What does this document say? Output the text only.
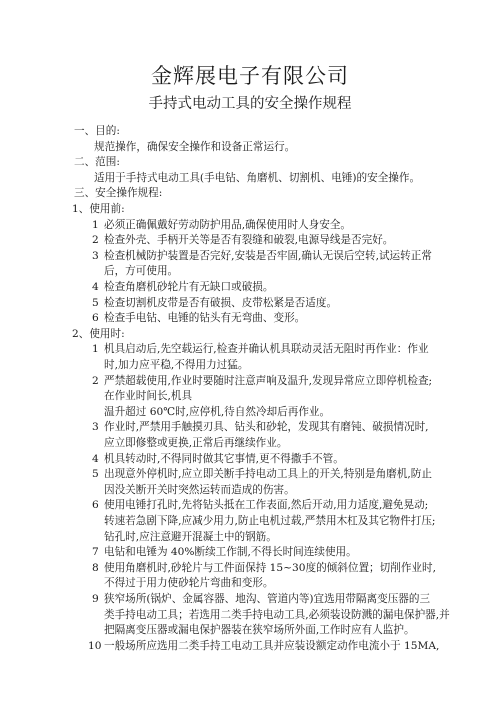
金辉展电子有限公司
手持式电动工具的安全操作规程
一、目的:
规范操作，确保安全操作和设备正常运行。
二、范围:
适用于手持式电动工具(手电钻、角磨机、切割机、电锤)的安全操作。
三、安全操作规程:
1、使用前:
1 必须正确佩戴好劳动防护用品,确保使用时人身安全。
2 检查外壳、手柄开关等是否有裂缝和破裂,电源导线是否完好。
3 检查机械防护装置是否完好,安装是否牢固,确认无误后空转,试运转正常
后，方可使用。
4 检查角磨机砂轮片有无缺口或破损。
5 检查切割机皮带是否有破损、皮带松紧是否适度。
6 检查手电钻、电锤的钻头有无弯曲、变形。
2、使用时:
1 机具启动后,先空载运行,检查并确认机具联动灵活无阻时再作业：作业
时,加力应平稳,不得用力过猛。
2 严禁超载使用,作业时要随时注意声响及温升,发现异常应立即停机检查;
在作业时间长,机具
温升超过 60℃时,应停机,待自然冷却后再作业。
3 作业时,严禁用手触摸刃具、钻头和砂轮，发现其有磨钝、破损情况时,
应立即修整或更换,正常后再继续作业。
4 机具转动时,不得同时做其它事情,更不得撒手不管。
5 出现意外停机时,应立即关断手持电动工具上的开关,特别是角磨机,防止
因没关断开关时突然运转而造成的伤害。
6 使用电锤打孔时,先将钻头抵在工作表面,然后开动,用力适度,避免晃动;
转速若急剧下降,应减少用力,防止电机过载,严禁用木杠及其它物件打压;
钻孔时,应注意避开混凝土中的钢筋。
7 电钻和电锤为 40%断续工作制,不得长时间连续使用。
8 使用角磨机时,砂轮片与工件面保持 15~30度的倾斜位置；切削作业时,
不得过于用力使砂轮片弯曲和变形。
9 狭窄场所(锅炉、金属容器、地沟、管道内等)宜选用带隔离变压器的三
类手持电动工具；若选用二类手持电动工具,必须装设防溅的漏电保护器,并
把隔离变压器或漏电保护器装在狭窄场所外面,工作时应有人监护。
10 一般场所应选用二类手持工电动工具并应装设额定动作电流小于 15MA,
